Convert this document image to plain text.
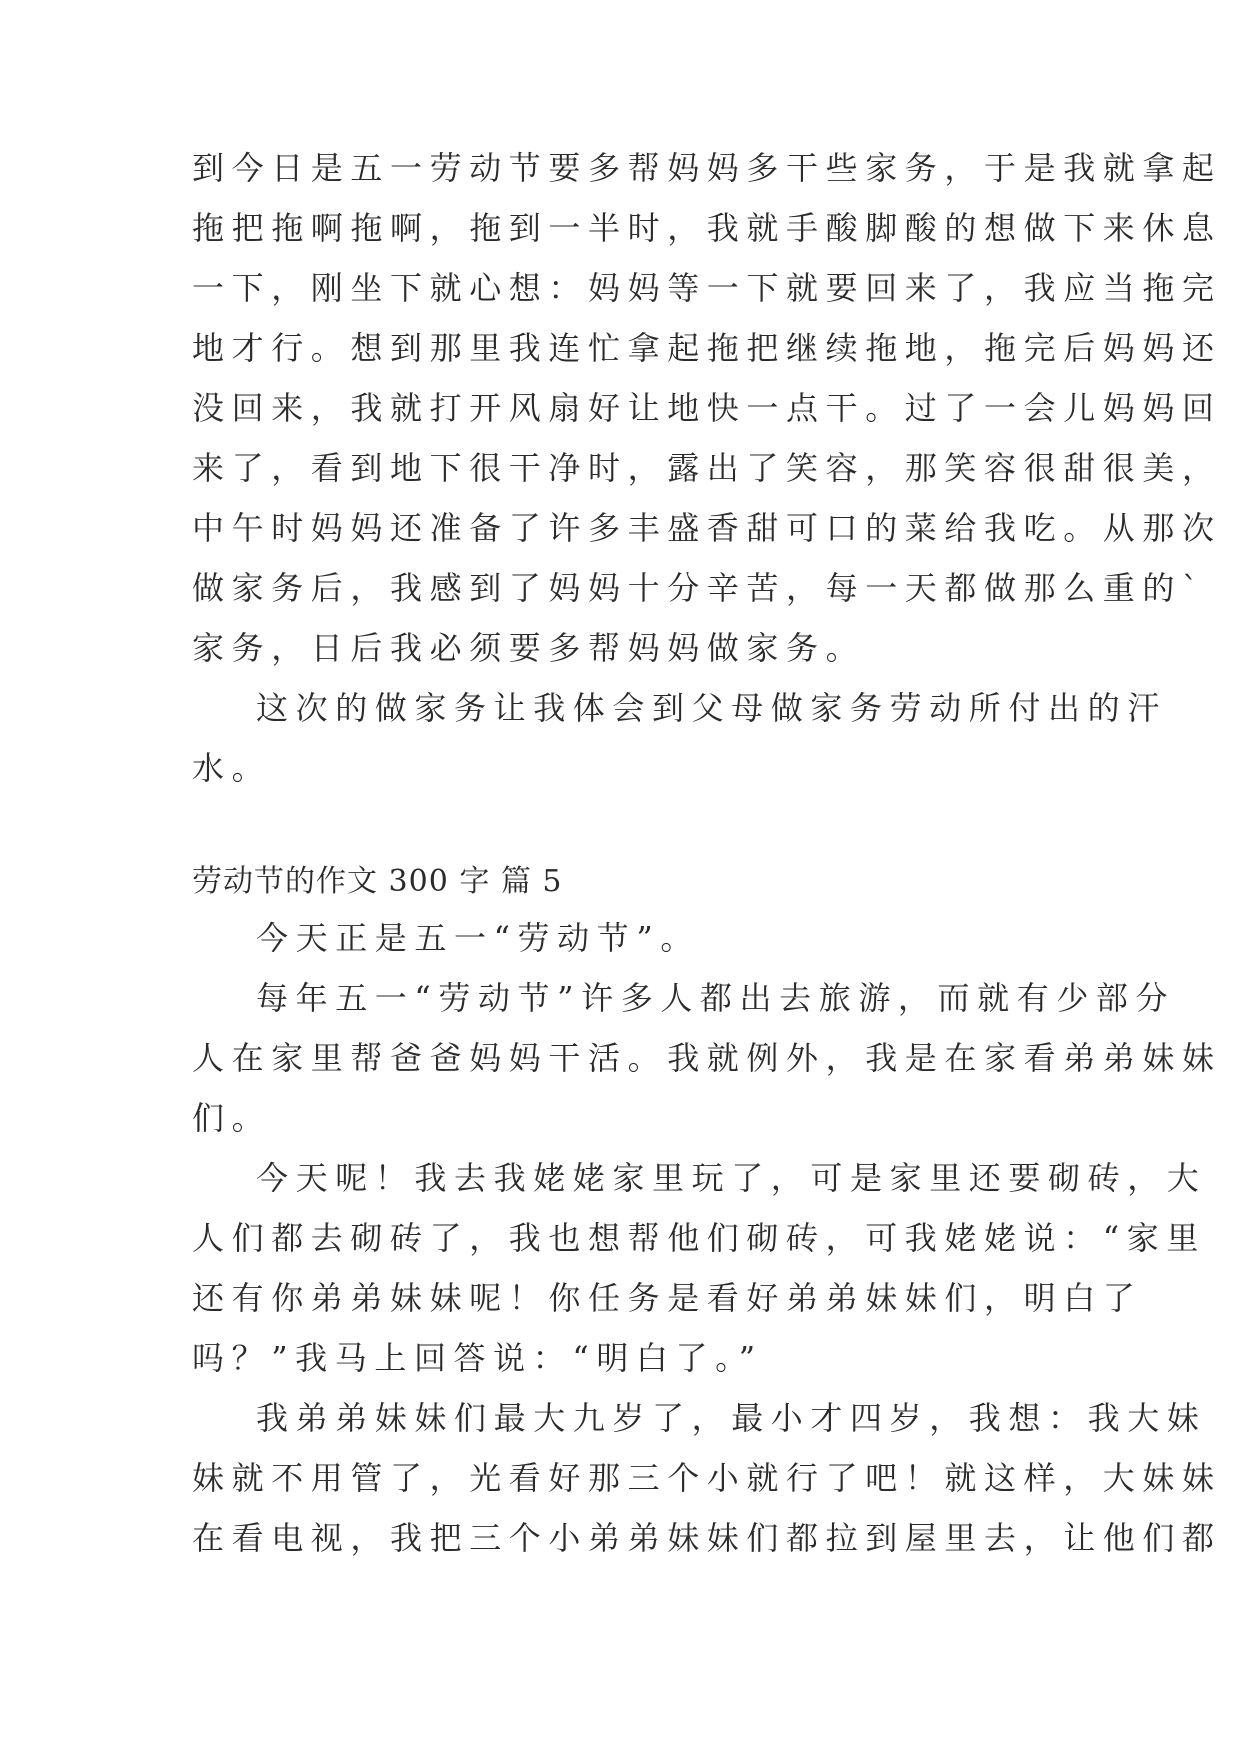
到今日是五一劳动节要多帮妈妈多干些家务，于是我就拿起
拖把拖啊拖啊，拖到一半时，我就手酸脚酸的想做下来休息
一下，刚坐下就心想：妈妈等一下就要回来了，我应当拖完
地才行。想到那里我连忙拿起拖把继续拖地，拖完后妈妈还
没回来，我就打开风扇好让地快一点干。过了一会儿妈妈回
来了，看到地下很干净时，露出了笑容，那笑容很甜很美，
中午时妈妈还准备了许多丰盛香甜可口的菜给我吃。从那次
做家务后，我感到了妈妈十分辛苦，每一天都做那么重的`
家务，日后我必须要多帮妈妈做家务。
这次的做家务让我体会到父母做家务劳动所付出的汗
水。
劳动节的作文 300 字 篇 5
今天正是五一“劳动节”。
每年五一“劳动节”许多人都出去旅游，而就有少部分
人在家里帮爸爸妈妈干活。我就例外，我是在家看弟弟妹妹
们。
今天呢！我去我姥姥家里玩了，可是家里还要砌砖，大
人们都去砌砖了，我也想帮他们砌砖，可我姥姥说：“家里
还有你弟弟妹妹呢！你任务是看好弟弟妹妹们，明白了
吗？”我马上回答说：“明白了。”
我弟弟妹妹们最大九岁了，最小才四岁，我想：我大妹
妹就不用管了，光看好那三个小就行了吧！就这样，大妹妹
在看电视，我把三个小弟弟妹妹们都拉到屋里去，让他们都
